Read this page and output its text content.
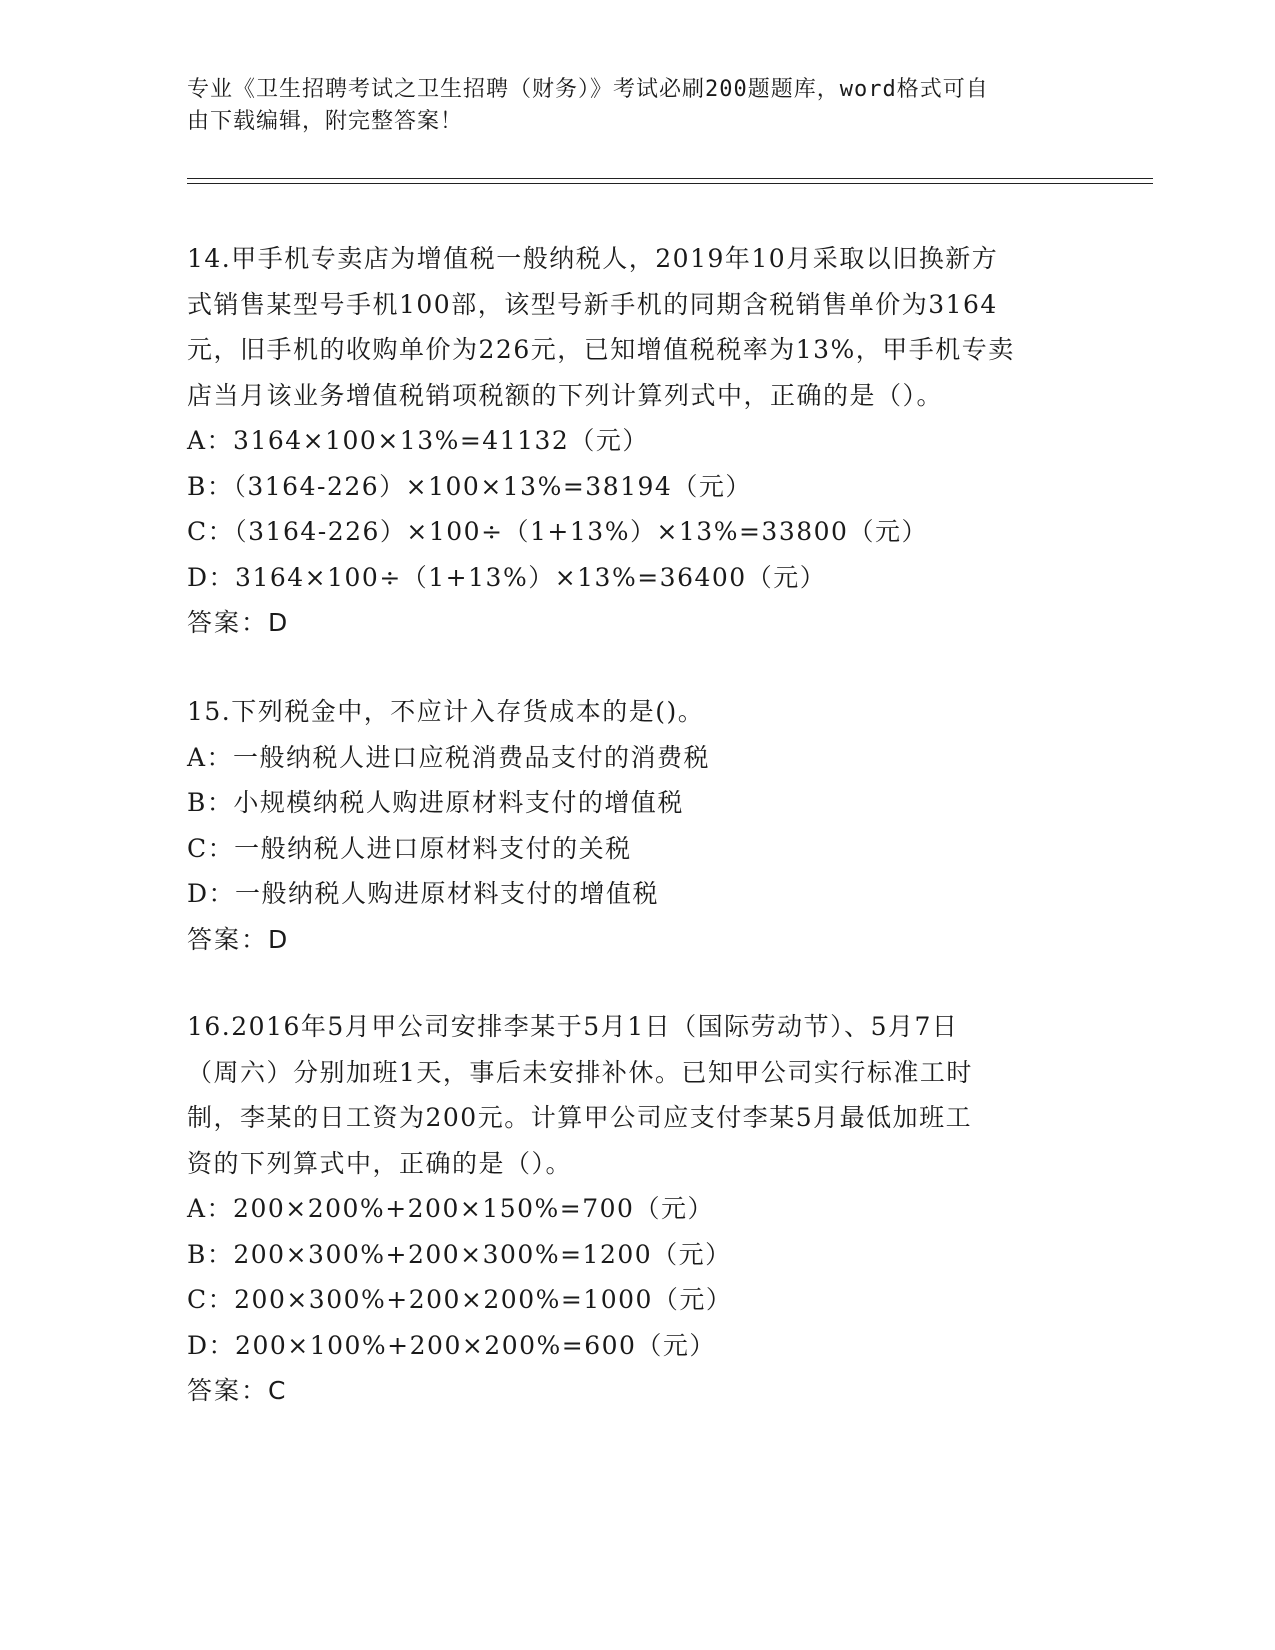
专业《卫生招聘考试之卫生招聘（财务）》考试必刷200题题库，word格式可自
由下载编辑，附完整答案！

14.甲手机专卖店为增值税一般纳税人，2019年10月采取以旧换新方

式销售某型号手机100部，该型号新手机的同期含税销售单价为3164

元，旧手机的收购单价为226元，已知增值税税率为13%，甲手机专卖

店当月该业务增值税销项税额的下列计算列式中，正确的是（）。

A：3164×100×13%=41132（元）

B：（3164-226）×100×13%=38194（元）

C：（3164-226）×100÷（1+13%）×13%=33800（元）

D：3164×100÷（1+13%）×13%=36400（元）

答案：D

15.下列税金中，不应计入存货成本的是()。

A：一般纳税人进口应税消费品支付的消费税

B：小规模纳税人购进原材料支付的增值税

C：一般纳税人进口原材料支付的关税

D：一般纳税人购进原材料支付的增值税

答案：D

16.2016年5月甲公司安排李某于5月1日（国际劳动节）、5月7日

（周六）分别加班1天，事后未安排补休。已知甲公司实行标准工时

制，李某的日工资为200元。计算甲公司应支付李某5月最低加班工

资的下列算式中，正确的是（）。

A：200×200%+200×150%=700（元）

B：200×300%+200×300%=1200（元）

C：200×300%+200×200%=1000（元）

D：200×100%+200×200%=600（元）

答案：C
